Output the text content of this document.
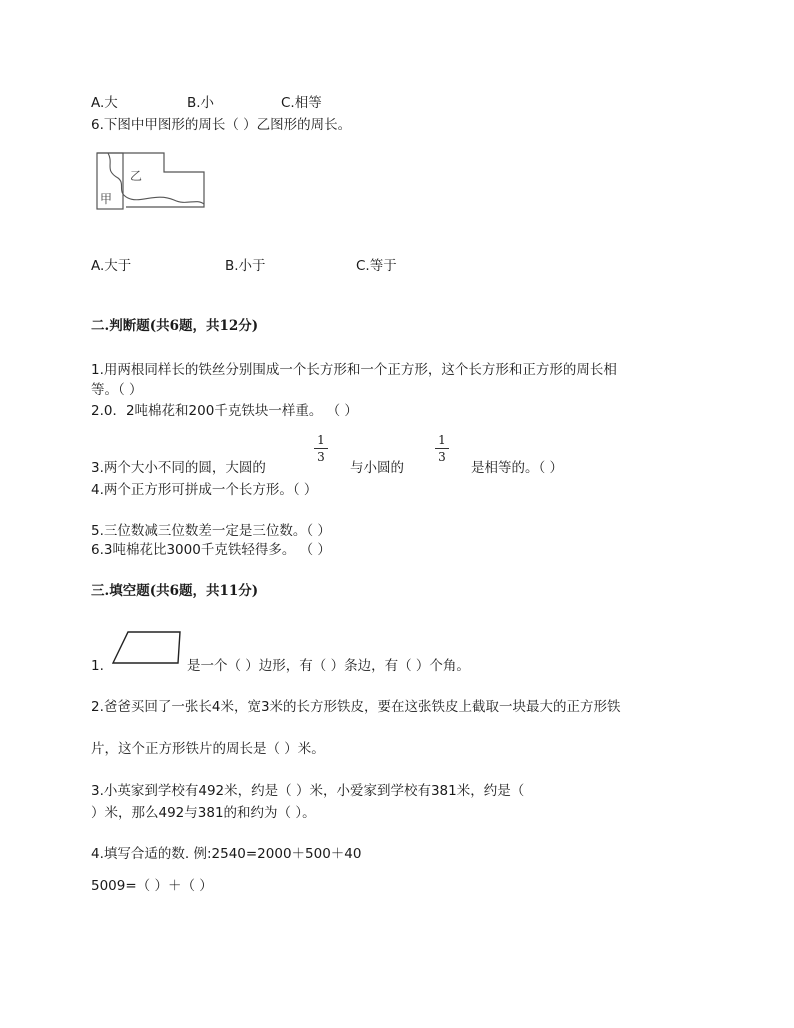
A.大	B.小	C.相等
6.下图中甲图形的周长（ ）乙图形的周长。
甲
乙
A.大于	B.小于	C.等于
二.判断题(共6题，共12分)
1.用两根同样长的铁丝分别围成一个长方形和一个正方形，这个长方形和正方形的周长相
等。（ ）
2.0．2吨棉花和200千克铁块一样重。 （ ）
3.两个大小不同的圆，大圆的
1
3
与小圆的
1
3
是相等的。（ ）
4.两个正方形可拼成一个长方形。（ ）
5.三位数减三位数差一定是三位数。（ ）
6.3吨棉花比3000千克铁轻得多。 （ ）
三.填空题(共6题，共11分)
1.	是一个（ ）边形，有（ ）条边，有（ ）个角。
2.爸爸买回了一张长4米，宽3米的长方形铁皮，要在这张铁皮上截取一块最大的正方形铁
片，这个正方形铁片的周长是（ ）米。
3.小英家到学校有492米，约是（ ）米，小爱家到学校有381米，约是（
）米，那么492与381的和约为（ ）。
4.填写合适的数. 例:2540=2000＋500＋40
5009=（ ）＋（ ）
